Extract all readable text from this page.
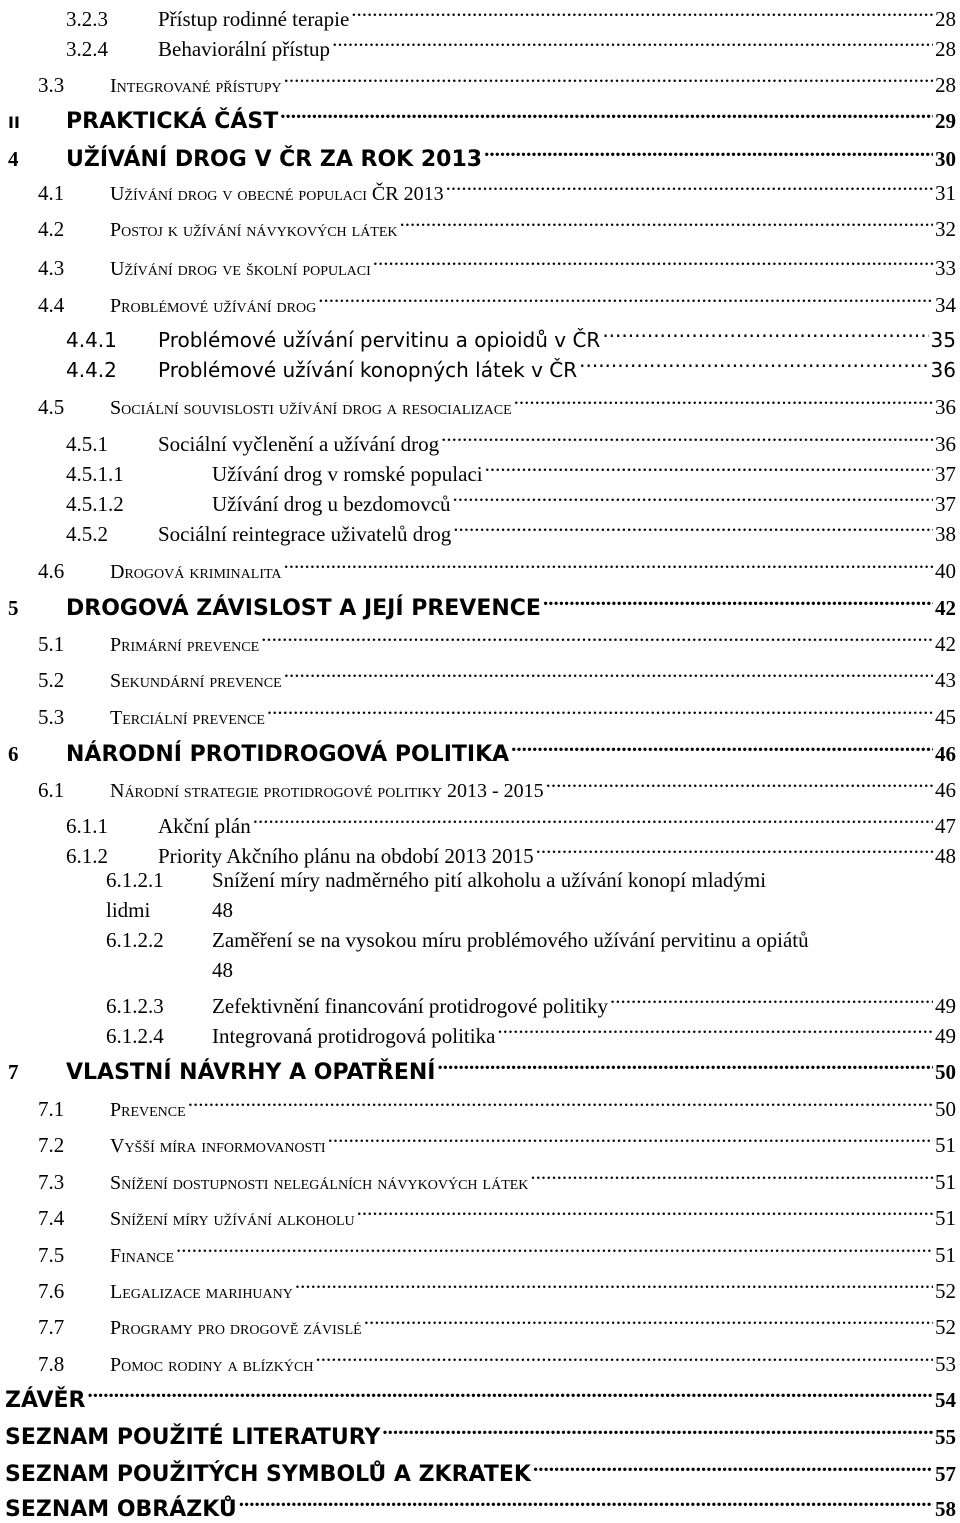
3.2.3	Přístup rodinné terapie .....	28
3.2.4	Behaviorální přístup .....	28
3.3	Integrované přístupy .....	28
II	PRAKTICKÁ ČÁST .....	29
4	UŽÍVÁNÍ DROG V ČR ZA ROK 2013 .....	30
4.1	Užívání drog v obecné populaci ČR 2013 .....	31
4.2	Postoj k užívání návykových látek .....	32
4.3	Užívání drog ve školní populaci .....	33
4.4	Problémové užívání drog .....	34
4.4.1	Problémové užívání pervitinu a opioidů v ČR .....	35
4.4.2	Problémové užívání konopných látek v ČR .....	36
4.5	Sociální souvislosti užívání drog a resocializace .....	36
4.5.1	Sociální vyčlenění a užívání drog .....	36
4.5.1.1	Užívání drog v romské populaci .....	37
4.5.1.2	Užívání drog u bezdomovců .....	37
4.5.2	Sociální reintegrace uživatelů drog .....	38
4.6	Drogová kriminalita .....	40
5	DROGOVÁ ZÁVISLOST A JEJÍ PREVENCE .....	42
5.1	Primární prevence .....	42
5.2	Sekundární prevence .....	43
5.3	Terciální prevence .....	45
6	NÁRODNÍ PROTIDROGOVÁ POLITIKA .....	46
6.1	Národní strategie protidrogové politiky 2013 - 2015 .....	46
6.1.1	Akční plán .....	47
6.1.2	Priority Akčního plánu na období 2013 2015 .....	48
6.1.2.1 Snížení míry nadměrného pití alkoholu a užívání konopí mladými
lidmi	48
6.1.2.2 Zaměření se na vysokou míru problémového užívání pervitinu a opiátů
48
6.1.2.3	Zefektivnění financování protidrogové politiky .....	49
6.1.2.4	Integrovaná protidrogová politika .....	49
7	VLASTNÍ NÁVRHY A OPATŘENÍ .....	50
7.1	Prevence .....	50
7.2	Vyšší míra informovanosti .....	51
7.3	Snížení dostupnosti nelegálních návykových látek .....	51
7.4	Snížení míry užívání alkoholu .....	51
7.5	Finance .....	51
7.6	Legalizace marihuany .....	52
7.7	Programy pro drogově závislé .....	52
7.8	Pomoc rodiny a blízkých .....	53
ZÁVĚR .....	54
SEZNAM POUŽITÉ LITERATURY .....	55
SEZNAM POUŽITÝCH SYMBOLŮ A ZKRATEK .....	57
SEZNAM OBRÁZKŮ .....	58
